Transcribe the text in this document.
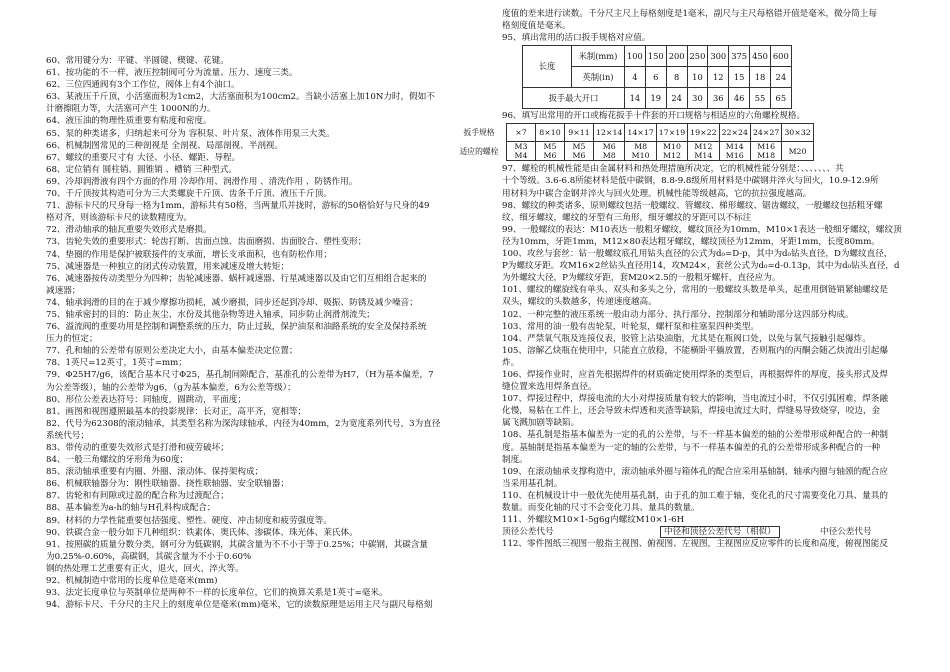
60、常用键分为：平键、半圆键、楔键、花键。
61、按功能的不一样，液压控制阀可分为流量、压力、速度三类。
62、三位四通阀有3个工作位，阀体上有4个油口。
63、某液压千斤顶，小活塞面积为1cm2，大活塞面积为100cm2。当缺小活塞上加10N力时，假如不
计磨擦阻力等，大活塞可产生 1000N的力。
64、液压油的物理性质重要有粘度和密度。
65、泵的种类诸多，归纳起来可分为 容积泵、叶片泵、液体作用泵三大类。
66、机械制图常见的三种剖视是 全剖视、局部剖视、半剖视。
67、螺纹的重要尺寸有 大径、小径、螺距、导程。
68、定位销有 圆柱销、圆锥销 、槽销 三种型式。
69、冷却润滑液有四个方面的作用 冷却作用、润滑作用 、清洗作用 、防锈作用。
70、千斤顶按其构造可分为三大类螺旋千斤顶、齿条千斤顶、液压千斤顶。
71、游标卡尺的尺身每一格为1mm，游标共有50格，当两量爪并拢时，游标的50格恰好与尺身的49
格对齐，则该游标卡尺的读数精度为。
72、滑动轴承的轴瓦重要失效形式是磨损。
73、齿轮失效的重要形式：轮齿打断、齿面点蚀、齿面磨损、齿面胶合、塑性变形；
74、垫圈的作用是保护被联接件的支承面，增长支承面积，也有防松作用；
75、减速器是一种独立的闭式传动装置，用来减速及增大转矩；
76、减速器按传动类型分为四种；齿轮减速器、蜗杆减速器、行星减速器以及由它们互相组合起来的
减速器；
74、轴承润滑的目的在于减少摩擦功损耗，减少磨损，同步还起到冷却、吸振、防锈及减少噪音；
75、轴承密封的目的：防止灰尘、水份及其他杂物等进入轴承，同步防止润滑剂流失；
76、溢流阀的重要功用是控制和调整系统的压力，防止过载，保护油泵和油路系统的安全及保持系统
压力的恒定；
77、孔和轴的公差带有原则公差决定大小，由基本偏差决定位置；
78、1英尺=12英寸，1英寸=mm；
79、Φ25H7/g6，该配合基本尺寸Φ25，基孔制间隙配合，基准孔的公差带为H7，（H为基本偏差，7
为公差等级），轴的公差带为g6，（g为基本偏差，6为公差等级）；
80、形位公差表达符号：同轴度，圆跳动，平面度；
81、画图和视图遵照最基本的投影规律：长对正，高平齐，宽相等；
82、代号为62308的滚动轴承，其类型名称为深沟球轴承，内径为40mm，2为宽度系列代号，3为直径
系统代号；
83、带传动的重要失效形式是打滑和疲劳破坏；
84、一般三角螺纹的牙形角为60度；
85、滚动轴承重要有内圈、外圈、滚动体、保持架构成；
86、机械联轴器分为：刚性联轴器、挠性联轴器、安全联轴器；
87、齿轮和有间隙或过盈的配合称为过渡配合；
88、基本偏差为a-h的轴与H孔料构成配合；
89、材料的力学性能重要包括强度、塑性、硬度、冲击韧度和疲劳强度等。
90、铁碳合金一般分如下几种组织：铁素体、奥氏体、渗碳体、珠光体、莱氏体。
91、按照碳的质量分数分类，钢可分为低碳钢，其碳含量为不不小于等于0.25%；中碳钢，其碳含量
为0.25%-0.60%，高碳钢，其碳含量为不小于0.60%
钢的热处理工艺重要有正火，退火，回火，淬火等。
92、机械制造中常用的长度单位是毫米(mm)
93、法定长度单位与英制单位是两种不一样的长度单位，它们的换算关系是1英寸=毫米。
94、游标卡尺、千分尺的主尺上的刻度单位是毫米(mm)毫米，它的读数原理是运用主尺与副尺每格刻
度值的差来进行读数。千分尺主尺上每格刻度是1毫米，副尺与主尺每格错开值是毫米，微分筒上每
格刻度值是毫米。
95、填出常用的活口扳手规格对应值。
长度	米制(mm)	100	150	200	250	300	375	450	600
	英制(in)	4	6	8	10	12	15	18	24
扳手最大开口		14	19	24	30	36	46	55	65
96、填写出常用的开口或梅花扳手十件套的开口规格与相适应的六角螺栓规格。
扳手规格	×7	8×10	9×11	12×14	14×17	17×19	19×22	22×24	24×27	30×32
适应的螺栓	M3 M4	M5 M6	M5 M6	M6 M8	M8 M10	M10 M12	M12 M14	M14 M16	M16 M18	M20
97、螺栓的机械性能是由金属材料和热处理措施所决定，它的机械性能分别是：、、、、、、、共
十个等级。3.6-6.8所能材料是低中碳钢，8.8-9.8级所用材料是中碳钢并淬火与回火，10.9-12.9所
用材料为中碳合金钢并淬火与回火处理。机械性能等级越高，它的抗拉强度越高。
98、螺纹的种类诸多，原则螺纹包括一般螺纹、管螺纹、梯形螺纹、锯齿螺纹，一般螺纹包括粗牙螺
纹、细牙螺纹，螺纹的牙型有三角形，细牙螺纹的牙距可以不标注
99、一般螺纹的表达：M10表达一般粗牙螺纹，螺纹顶径为10mm，M10×1表达一般细牙螺纹，螺纹顶
径为10mm，牙距1mm，M12×80表达粗牙螺纹，螺纹顶径为12mm，牙距1mm，长度80mm。
100、攻丝与套丝：钻一般螺纹底孔用钻头直径的公式为d₀=D-p，其中为d₀钻头直径，D为螺纹直径，
P为螺纹牙距。攻M16×2丝钻头直径用14，攻M24×，套丝公式为d₀=d-0.13p，其中为d₀钻头直径，d
为外螺纹大径，P为螺纹牙距，套M20×2.5的一般粗牙螺杆，直径应为。
101、螺纹的螺旋线有单头、双头和多头之分，常用的一般螺纹头数是单头，起重用倒链销紧轴螺纹是
双头，螺纹的头数越多，传递速度越高。
102、一种完整的液压系统一般由动力部分、执行部分、控制部分和辅助部分这四部分构成。
103、常用的油一般有齿轮泵，叶轮泵，螺杆泵和柱塞泵四种类型。
104、严禁氧气瓶及连接仪表，胶管上沾染油脂，尤其是在瓶阀口处，以免与氧气接触引起爆炸。
105、溶解乙炔瓶在使用中，只能直立放稳，不能横卧平躺放置，否则瓶内的丙酮会随乙炔流出引起爆
炸。
106、焊接作业时，应首先根据焊件的材质确定使用焊条的类型后，再根据焊件的厚度，接头形式及焊
缝位置来选用焊条直径。
107、焊接过程中，焊接电流的大小对焊接质量有较大的影响，当电流过小时，不仅引弧困难，焊条融
化慢，易粘在工件上，还会导致未焊透和夹渣等缺陷，焊接电流过大时，焊缝易导致烧穿，咬边，金
属飞溅加剧等缺陷。
108、基孔制是指基本偏差为一定的孔的公差带，与不一样基本偏差的轴的公差带形成种配合的一种制
度。基轴制是指基本偏差为一定的轴的公差带，与不一样基本偏差的孔的公差带形成多种配合的一种
制度。
109、在滚动轴承支撑构造中，滚动轴承外圈与箱体孔的配合应采用基轴制，轴承内圈与轴颈的配合应
当采用基孔制。
110、在机械设计中一般优先使用基孔制，由于孔的加工难于轴，变化孔的尺寸需要变化刀具、量具的
数量。而变化轴的尺寸不会变化刀具、量具的数量。
111、外螺纹M10×1-5g6g内螺纹M10×1-6H
顶径公差代号	中径和顶径公差代号（相似）	中径公差代号
112、零件图纸三视图一般指主视图、俯视图、左视图，主视图应反应零件的长度和高度，俯视图能反
